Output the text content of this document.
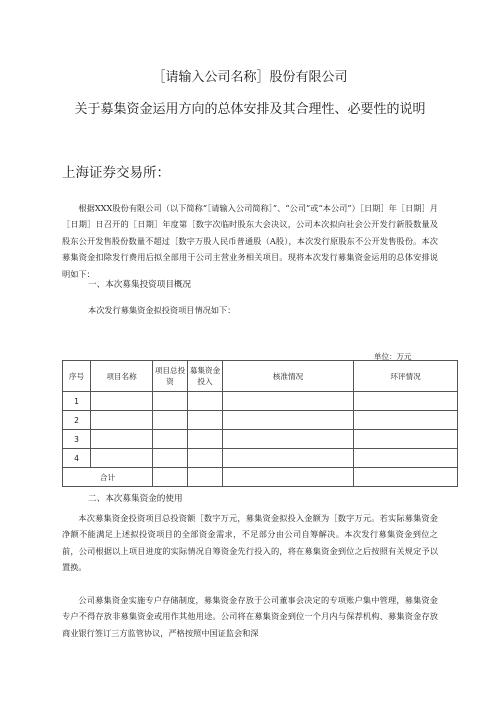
［请输入公司名称］股份有限公司
关于募集资金运用方向的总体安排及其合理性、必要性的说明
上海证券交易所：
根据XXX股份有限公司（以下简称“［请输入公司简称］”、“公司”或“本公司”）［日期］年［日期］月［日期］日召开的［日期］年度第［数字次临时股东大会决议，公司本次拟向社会公开发行新股数量及股东公开发售股份数量不超过［数字万股人民币普通股（A股），本次发行原股东不公开发售股份。本次募集资金扣除发行费用后拟全部用于公司主营业务相关项目。现将本次发行募集资金运用的总体安排说明如下：
一、本次募集投资项目概况
本次发行募集资金拟投资项目情况如下：
单位：万元
序号	项目名称	项目总投资	募集资金投入	核准情况	环评情况
1					
2					
3					
4					
合计					
二、本次募集资金的使用
本次募集资金投资项目总投资额［数字万元，募集资金拟投入金额为［数字万元。若实际募集资金净额不能满足上述拟投资项目的全部资金需求，不足部分由公司自筹解决。本次发行募集资金到位之前，公司根据以上项目进度的实际情况自筹资金先行投入的，将在募集资金到位之后按照有关规定予以置换。
公司募集资金实施专户存储制度，募集资金存放于公司董事会决定的专项账户集中管理，募集资金专户不得存放非募集资金或用作其他用途。公司将在募集资金到位一个月内与保荐机构、募集资金存放商业银行签订三方监管协议，严格按照中国证监会和深
